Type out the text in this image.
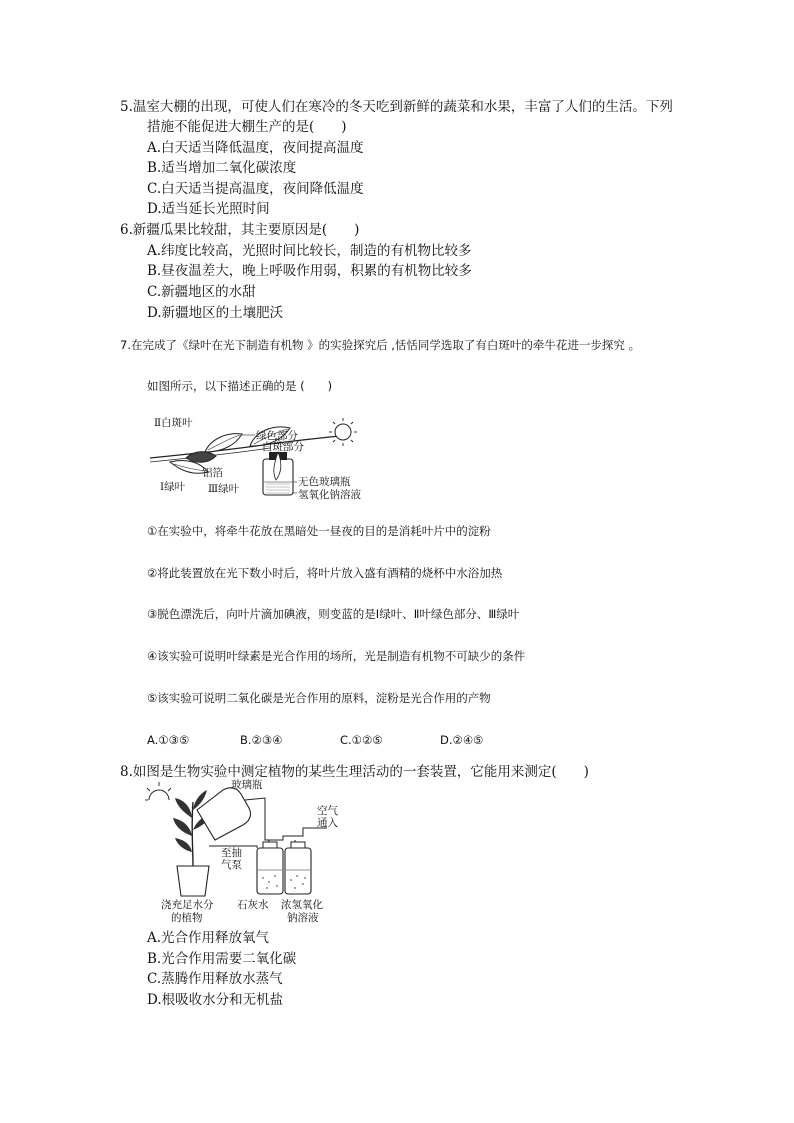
5.温室大棚的出现，可使人们在寒冷的冬天吃到新鲜的蔬菜和水果，丰富了人们的生活。下列
措施不能促进大棚生产的是(　　)
A.白天适当降低温度，夜间提高温度
B.适当增加二氧化碳浓度
C.白天适当提高温度，夜间降低温度
D.适当延长光照时间
6.新疆瓜果比较甜，其主要原因是(　　)
A.纬度比较高，光照时间比较长，制造的有机物比较多
B.昼夜温差大，晚上呼吸作用弱，积累的有机物比较多
C.新疆地区的水甜
D.新疆地区的土壤肥沃
7.在完成了《绿叶在光下制造有机物 》的实验探究后 ,恬恬同学选取了有白斑叶的牵牛花进一步探究 。
如图所示，以下描述正确的是 (　　)
Ⅱ白斑叶
绿色部分
白斑部分
铝箔
Ⅰ绿叶 Ⅲ绿叶
无色玻璃瓶
氢氧化钠溶液
①在实验中，将牵牛花放在黑暗处一昼夜的目的是消耗叶片中的淀粉
②将此装置放在光下数小时后，将叶片放入盛有酒精的烧杯中水浴加热
③脱色漂洗后，向叶片滴加碘液，则变蓝的是Ⅰ绿叶、Ⅱ叶绿色部分、Ⅲ绿叶
④该实验可说明叶绿素是光合作用的场所，光是制造有机物不可缺少的条件
⑤该实验可说明二氧化碳是光合作用的原料，淀粉是光合作用的产物
A.①③⑤	B.②③④	C.①②⑤	D.②④⑤
8.如图是生物实验中测定植物的某些生理活动的一套装置，它能用来测定(　　)
玻璃瓶
空气
通入
至抽
气泵
浇充足水分
的植物
石灰水 浓氢氧化
钠溶液
A.光合作用释放氧气
B.光合作用需要二氧化碳
C.蒸腾作用释放水蒸气
D.根吸收水分和无机盐
